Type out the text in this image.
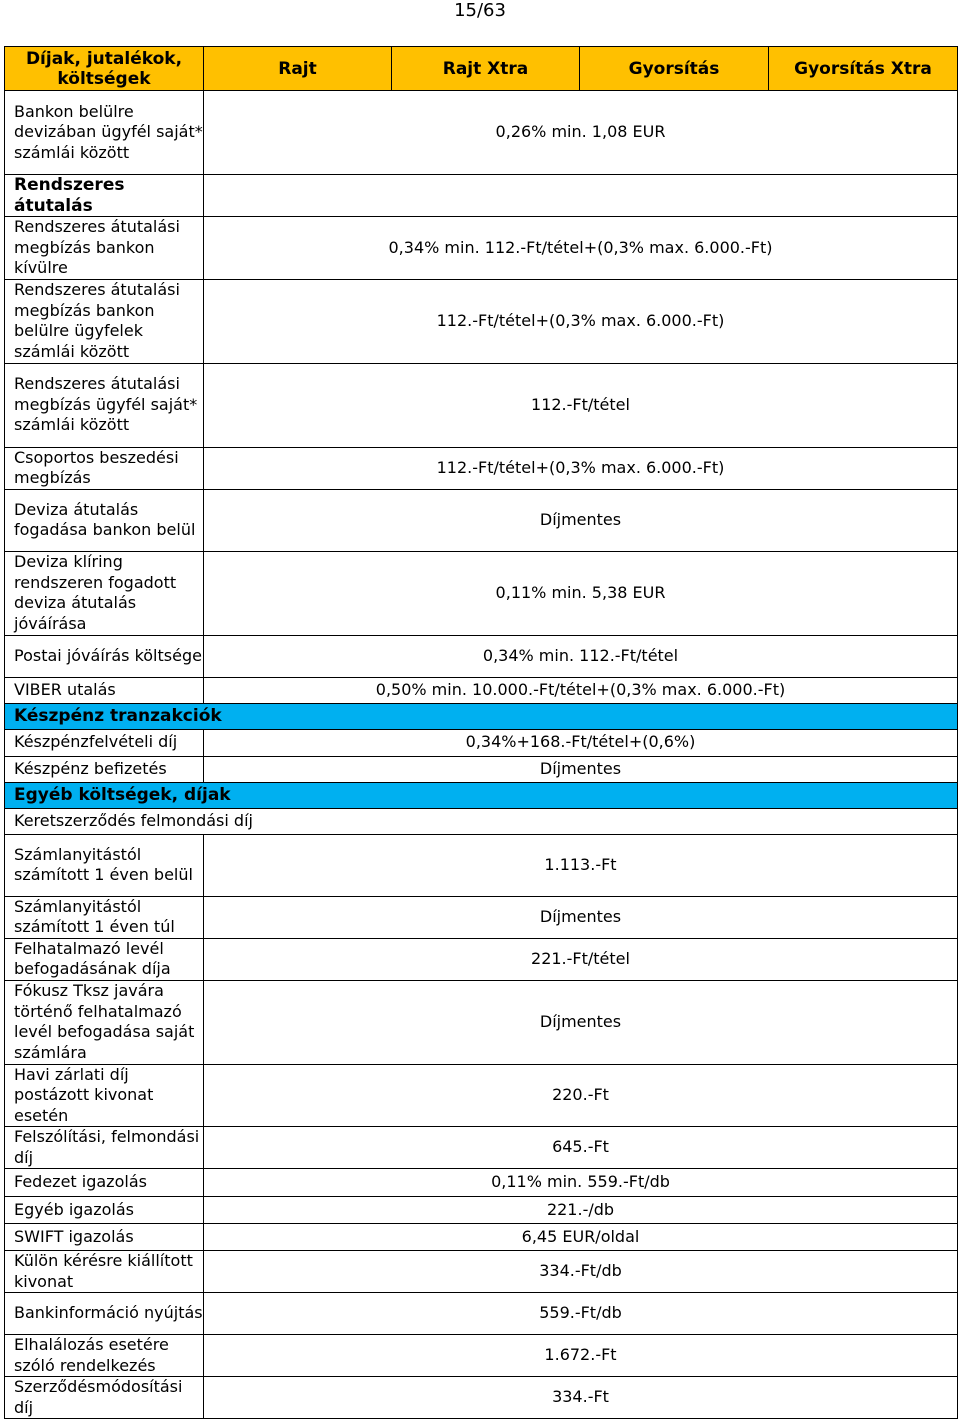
15/63
Díjak, jutalékok, költségek	Rajt	Rajt Xtra	Gyorsítás	Gyorsítás Xtra
Bankon belülre devizában ügyfél saját* számlái között	0,26% min. 1,08 EUR			
Rendszeres átutalás				
Rendszeres átutalási megbízás bankon kívülre	0,34% min. 112.-Ft/tétel+(0,3% max. 6.000.-Ft)			
Rendszeres átutalási megbízás bankon belülre ügyfelek számlái között	112.-Ft/tétel+(0,3% max. 6.000.-Ft)			
Rendszeres átutalási megbízás ügyfél saját* számlái között	112.-Ft/tétel			
Csoportos beszedési megbízás	112.-Ft/tétel+(0,3% max. 6.000.-Ft)			
Deviza átutalás fogadása bankon belül	Díjmentes			
Deviza klíring rendszeren fogadott deviza átutalás jóváírása	0,11% min. 5,38 EUR			
Postai jóváírás költsége	0,34% min. 112.-Ft/tétel			
VIBER utalás	0,50% min. 10.000.-Ft/tétel+(0,3% max. 6.000.-Ft)			
Készpénz tranzakciók				
Készpénzfelvételi díj	0,34%+168.-Ft/tétel+(0,6%)			
Készpénz befizetés	Díjmentes			
Egyéb költségek, díjak				
Keretszerződés felmondási díj				
Számlanyitástól számított 1 éven belül	1.113.-Ft			
Számlanyitástól számított 1 éven túl	Díjmentes			
Felhatalmazó levél befogadásának díja	221.-Ft/tétel			
Fókusz Tksz javára történő felhatalmazó levél befogadása saját számlára	Díjmentes			
Havi zárlati díj postázott kivonat esetén	220.-Ft			
Felszólítási, felmondási díj	645.-Ft			
Fedezet igazolás	0,11% min. 559.-Ft/db			
Egyéb igazolás	221.-/db			
SWIFT igazolás	6,45 EUR/oldal			
Külön kérésre kiállított kivonat	334.-Ft/db			
Bankinformáció nyújtás	559.-Ft/db			
Elhalálozás esetére szóló rendelkezés	1.672.-Ft			
Szerződésmódosítási díj	334.-Ft			
